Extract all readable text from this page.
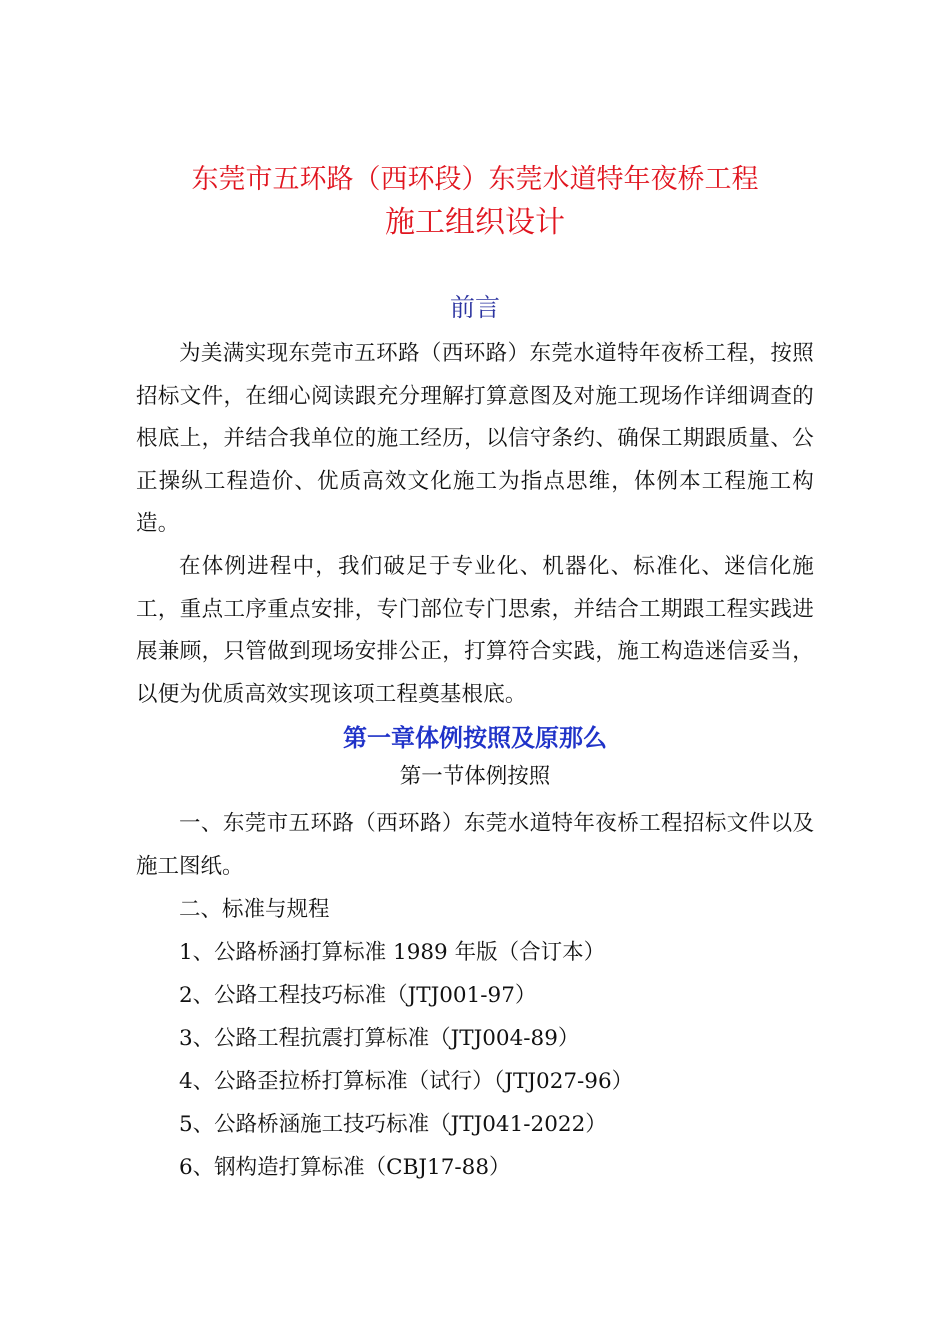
东莞市五环路（西环段）东莞水道特年夜桥工程
施工组织设计
前言

为美满实现东莞市五环路（西环路）东莞水道特年夜桥工程，按照招标文件，在细心阅读跟充分理解打算意图及对施工现场作详细调查的根底上，并结合我单位的施工经历，以信守条约、确保工期跟质量、公正操纵工程造价、优质高效文化施工为指点思维，体例本工程施工构造。

在体例进程中，我们破足于专业化、机器化、标准化、迷信化施工，重点工序重点安排，专门部位专门思索，并结合工期跟工程实践进展兼顾，只管做到现场安排公正，打算符合实践，施工构造迷信妥当，以便为优质高效实现该项工程奠基根底。

第一章体例按照及原那么
第一节体例按照

一、东莞市五环路（西环路）东莞水道特年夜桥工程招标文件以及施工图纸。

二、标准与规程

1、公路桥涵打算标准 1989 年版（合订本）

2、公路工程技巧标准（JTJ001-97）

3、公路工程抗震打算标准（JTJ004-89）

4、公路歪拉桥打算标准（试行）（JTJ027-96）

5、公路桥涵施工技巧标准（JTJ041-2022）

6、钢构造打算标准（CBJ17-88）
